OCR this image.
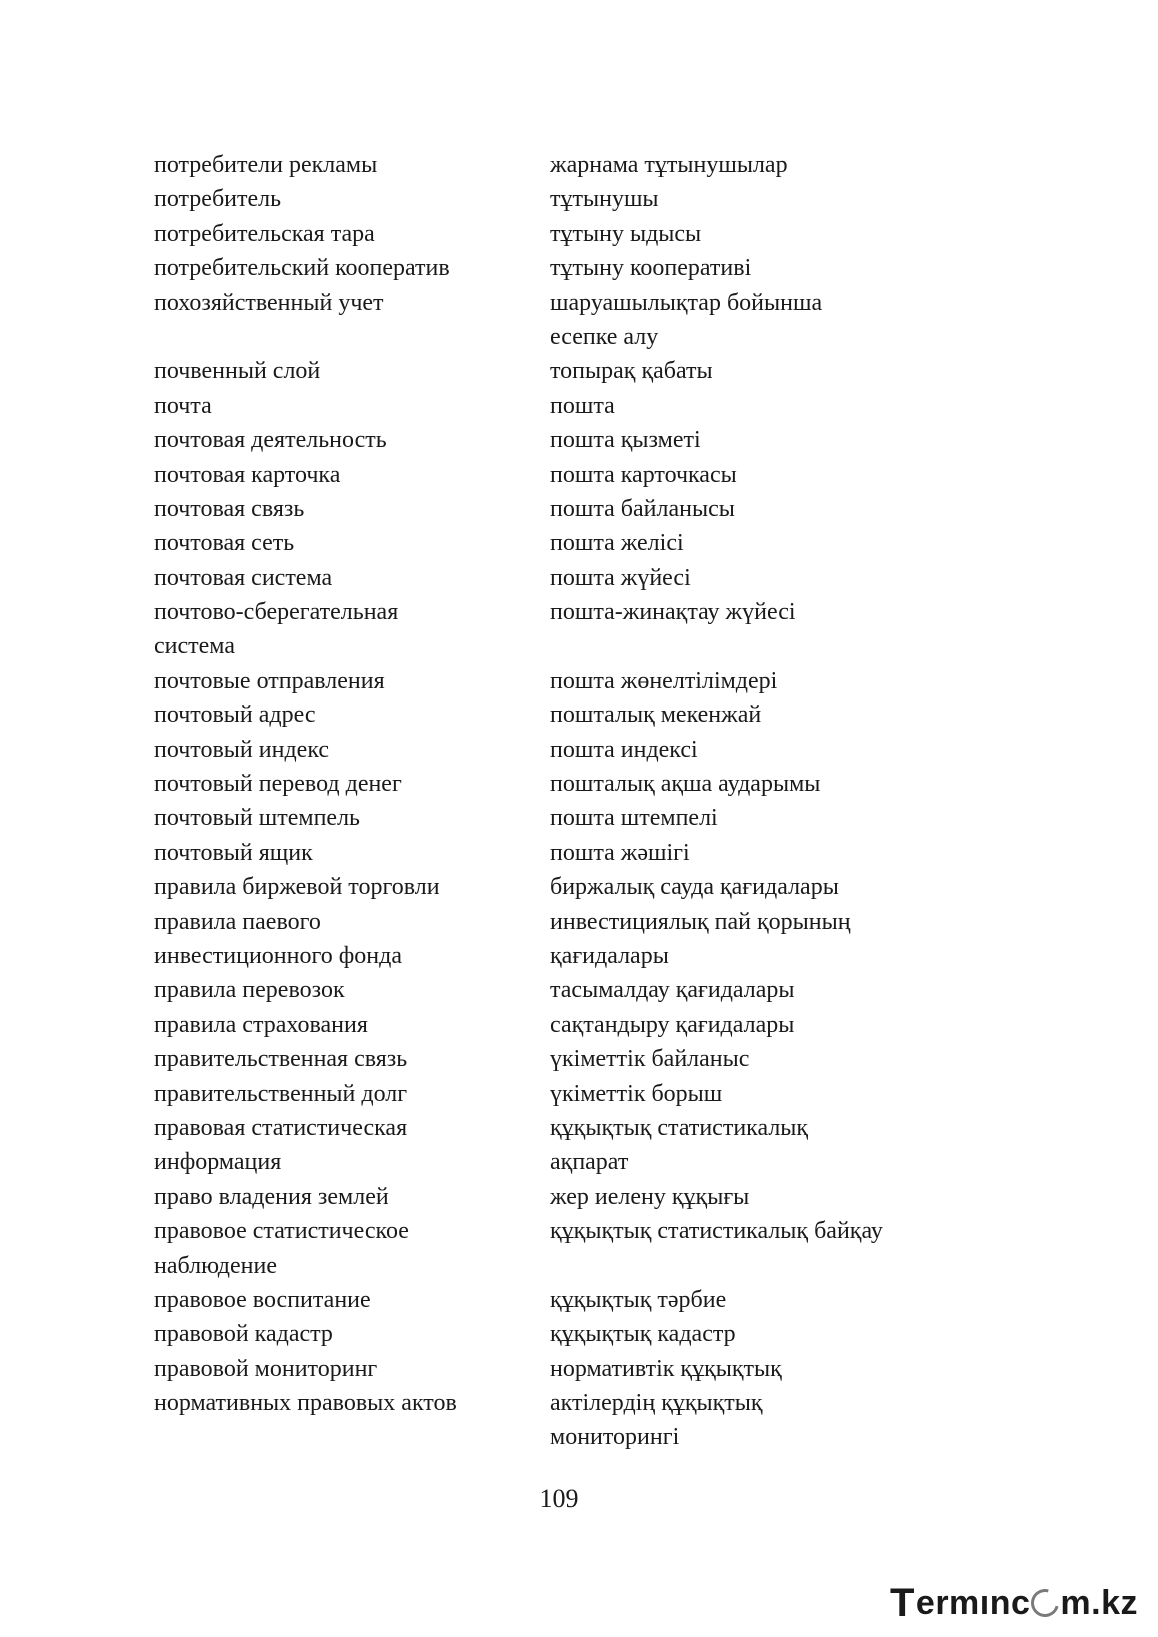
потребители рекламы	жарнама тұтынушылар
потребитель	тұтынушы
потребительская тара	тұтыну ыдысы
потребительский кооператив	тұтыну кооперативі
похозяйственный учет	шаруашылықтар бойынша
есепке алу
почвенный слой	топырақ қабаты
почта	пошта
почтовая деятельность	пошта қызметі
почтовая карточка	пошта карточкасы
почтовая связь	пошта байланысы
почтовая сеть	пошта желісі
почтовая система	пошта жүйесі
почтово-сберегательная	пошта-жинақтау жүйесі
система
почтовые отправления	пошта жөнелтілімдері
почтовый адрес	пошталық мекенжай
почтовый индекс	пошта индексі
почтовый перевод денег	пошталық ақша аударымы
почтовый штемпель	пошта штемпелі
почтовый ящик	пошта жәшігі
правила биржевой торговли	биржалық сауда қағидалары
правила паевого	инвестициялық пай қорының
инвестиционного фонда	қағидалары
правила перевозок	тасымалдау қағидалары
правила страхования	сақтандыру қағидалары
правительственная связь	үкіметтік байланыс
правительственный долг	үкіметтік борыш
правовая статистическая	құқықтық статистикалық
информация	ақпарат
право владения землей	жер иелену құқығы
правовое статистическое	құқықтық статистикалық байқау
наблюдение
правовое воспитание	құқықтық тәрбие
правовой кадастр	құқықтық кадастр
правовой мониторинг	нормативтік құқықтық
нормативных правовых актов	актілердің құқықтық
мониторингі
109
T ermınc m.kz
